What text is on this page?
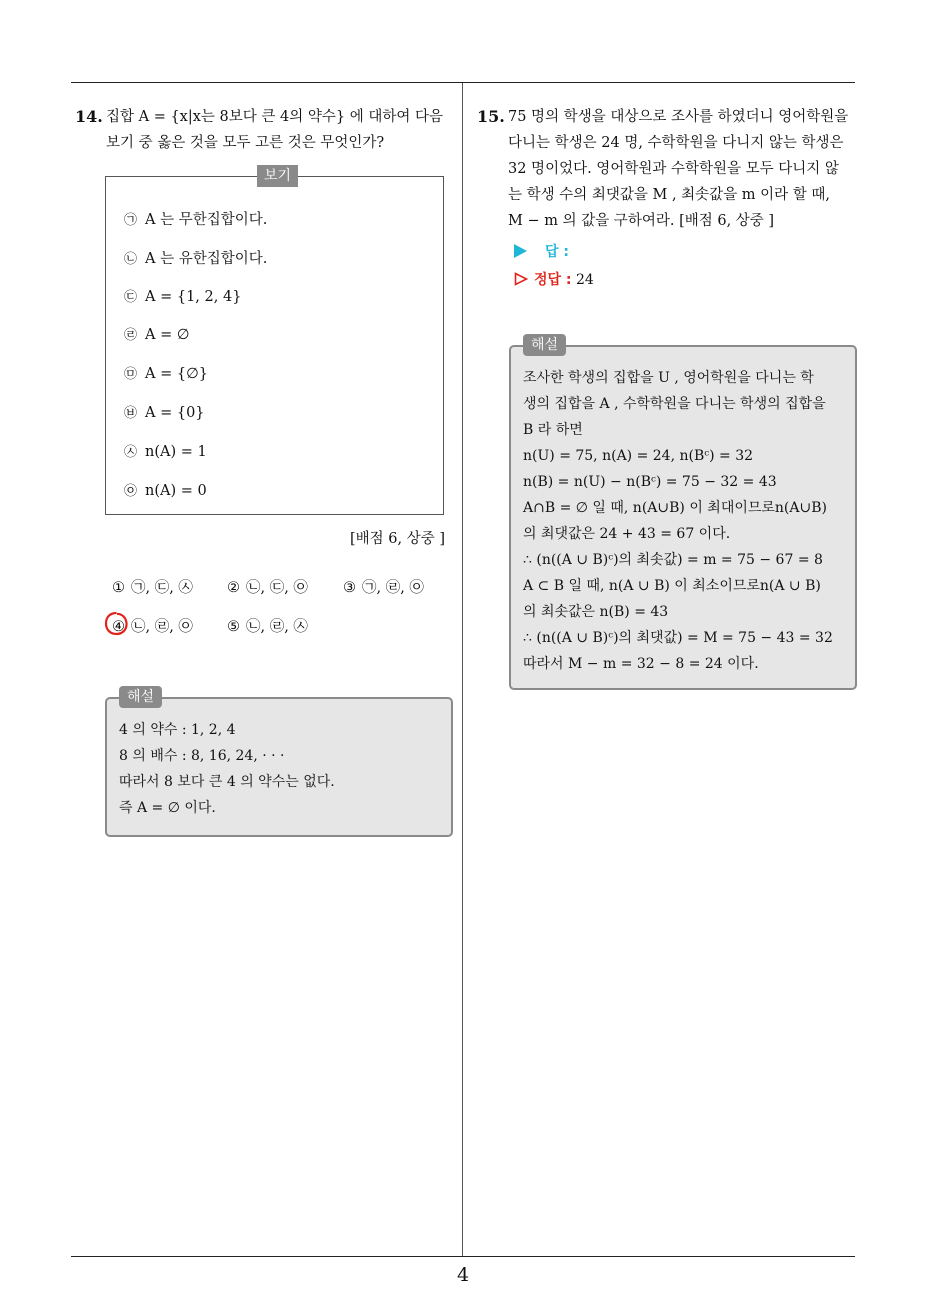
4
14. 집합 A = {x|x는 8보다 큰 4의 약수} 에 대하여 다음
보기 중 옳은 것을 모두 고른 것은 무엇인가?
보기
㉠ A 는 무한집합이다.
㉡ A 는 유한집합이다.
㉢ A = {1, 2, 4}
㉣ A = ∅
㉤ A = {∅}
㉥ A = {0}
㉦ n(A) = 1
㉧ n(A) = 0
[배점 6, 상중 ]
① ㉠, ㉢, ㉦ ② ㉡, ㉢, ㉧ ③ ㉠, ㉣, ㉧
④ ㉡, ㉣, ㉧ ⑤ ㉡, ㉣, ㉦
해설
4 의 약수 : 1, 2, 4
8 의 배수 : 8, 16, 24, · · ·
따라서 8 보다 큰 4 의 약수는 없다.
즉 A = ∅ 이다.
15. 75 명의 학생을 대상으로 조사를 하였더니 영어학원을
다니는 학생은 24 명, 수학학원을 다니지 않는 학생은
32 명이었다. 영어학원과 수학학원을 모두 다니지 않
는 학생 수의 최댓값을 M , 최솟값을 m 이라 할 때,
M − m 의 값을 구하여라. [배점 6, 상중 ]
답 :
정답 : 24
해설
조사한 학생의 집합을 U , 영어학원을 다니는 학
생의 집합을 A , 수학학원을 다니는 학생의 집합을
B 라 하면
n(U) = 75, n(A) = 24, n(Bᶜ) = 32
n(B) = n(U) − n(Bᶜ) = 75 − 32 = 43
A∩B = ∅ 일 때, n(A∪B) 이 최대이므로n(A∪B)
의 최댓값은 24 + 43 = 67 이다.
∴ (n((A ∪ B)ᶜ)의 최솟값) = m = 75 − 67 = 8
A ⊂ B 일 때, n(A ∪ B) 이 최소이므로n(A ∪ B)
의 최솟값은 n(B) = 43
∴ (n((A ∪ B)ᶜ)의 최댓값) = M = 75 − 43 = 32
따라서 M − m = 32 − 8 = 24 이다.
